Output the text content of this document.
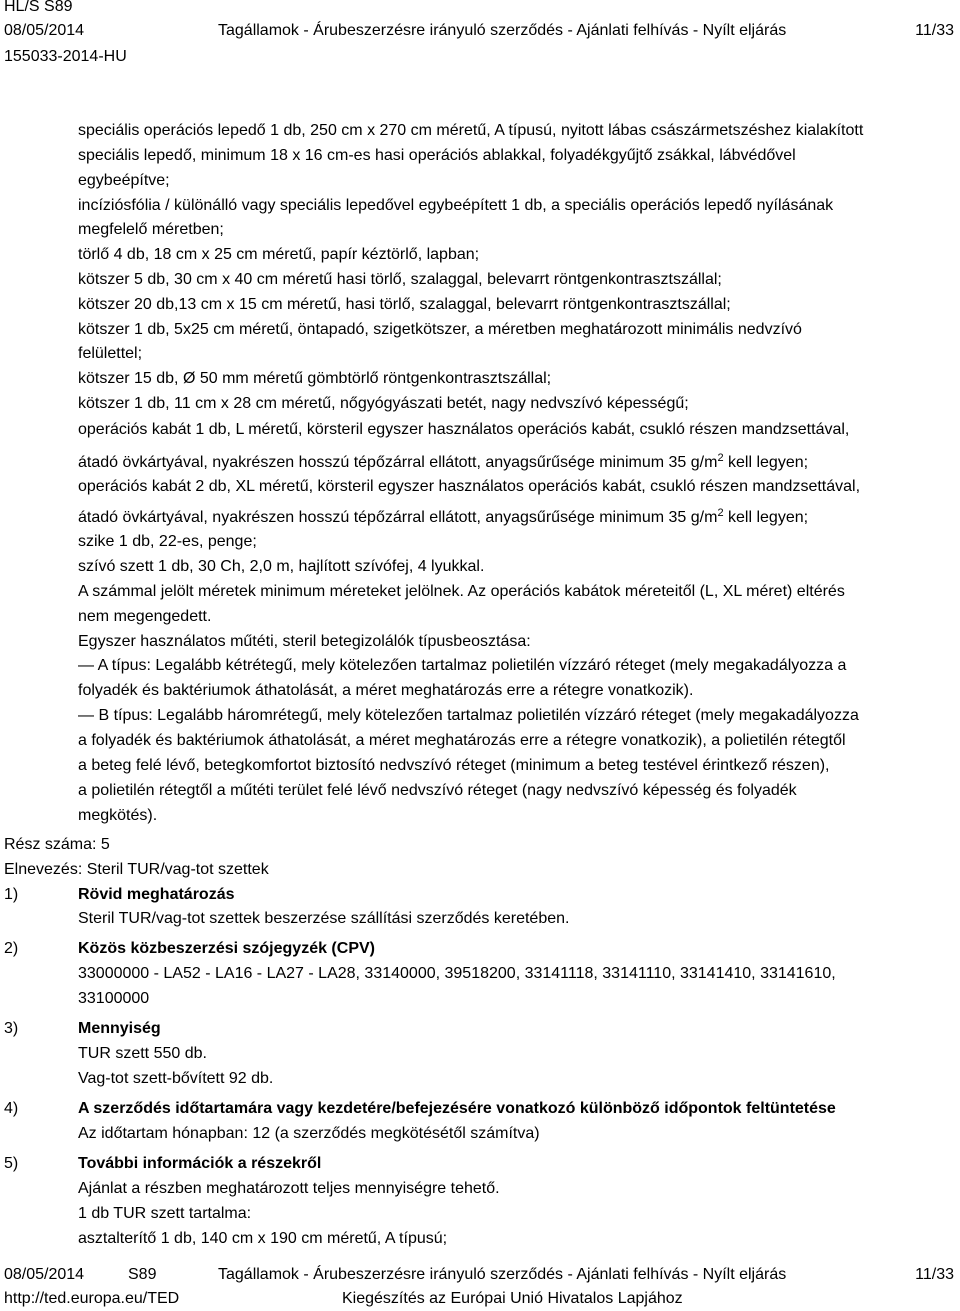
HL/S S89
08/05/2014	Tagállamok - Árubeszerzésre irányuló szerződés - Ajánlati felhívás - Nyílt eljárás	11/33
155033-2014-HU
speciális operációs lepedő 1 db, 250 cm x 270 cm méretű, A típusú, nyitott lábas császármetszéshez kialakított
speciális lepedő, minimum 18 x 16 cm-es hasi operációs ablakkal, folyadékgyűjtő zsákkal, lábvédővel
egybeépítve;
incíziósfólia / különálló vagy speciális lepedővel egybeépített 1 db, a speciális operációs lepedő nyílásának
megfelelő méretben;
törlő 4 db, 18 cm x 25 cm méretű, papír kéztörlő, lapban;
kötszer 5 db, 30 cm x 40 cm méretű hasi törlő, szalaggal, belevarrt röntgenkontrasztszállal;
kötszer 20 db,13 cm x 15 cm méretű, hasi törlő, szalaggal, belevarrt röntgenkontrasztszállal;
kötszer 1 db, 5x25 cm méretű, öntapadó, szigetkötszer, a méretben meghatározott minimális nedvzívó
felülettel;
kötszer 15 db, Ø 50 mm méretű gömbtörlő röntgenkontrasztszállal;
kötszer 1 db, 11 cm x 28 cm méretű, nőgyógyászati betét, nagy nedvszívó képességű;
operációs kabát 1 db, L méretű, körsteril egyszer használatos operációs kabát, csukló részen mandzsettával,
átadó övkártyával, nyakrészen hosszú tépőzárral ellátott, anyagsűrűsége minimum 35 $g/m^2$ kell legyen;
operációs kabát 2 db, XL méretű, körsteril egyszer használatos operációs kabát, csukló részen mandzsettával,
átadó övkártyával, nyakrészen hosszú tépőzárral ellátott, anyagsűrűsége minimum 35 $g/m^2$ kell legyen;
szike 1 db, 22-es, penge;
szívó szett 1 db, 30 Ch, 2,0 m, hajlított szívófej, 4 lyukkal.
A számmal jelölt méretek minimum méreteket jelölnek. Az operációs kabátok méreteitől (L, XL méret) eltérés
nem megengedett.
Egyszer használatos műtéti, steril betegizolálók típusbeosztása:
— A típus: Legalább kétrétegű, mely kötelezően tartalmaz polietilén vízzáró réteget (mely megakadályozza a
folyadék és baktériumok áthatolását, a méret meghatározás erre a rétegre vonatkozik).
— B típus: Legalább háromrétegű, mely kötelezően tartalmaz polietilén vízzáró réteget (mely megakadályozza
a folyadék és baktériumok áthatolását, a méret meghatározás erre a rétegre vonatkozik), a polietilén rétegtől
a beteg felé lévő, betegkomfortot biztosító nedvszívó réteget (minimum a beteg testével érintkező részen),
a polietilén rétegtől a műtéti terület felé lévő nedvszívó réteget (nagy nedvszívó képesség és folyadék
megkötés).
Rész száma: 5
Elnevezés: Steril TUR/vag-tot szettek
1)	Rövid meghatározás
Steril TUR/vag-tot szettek beszerzése szállítási szerződés keretében.
2)	Közös közbeszerzési szójegyzék (CPV)
33000000 - LA52 - LA16 - LA27 - LA28, 33140000, 39518200, 33141118, 33141110, 33141410, 33141610,
33100000
3)	Mennyiség
TUR szett 550 db.
Vag-tot szett-bővített 92 db.
4)	A szerződés időtartamára vagy kezdetére/befejezésére vonatkozó különböző időpontok feltüntetése
Az időtartam hónapban: 12 (a szerződés megkötésétől számítva)
5)	További információk a részekről
Ajánlat a részben meghatározott teljes mennyiségre tehető.
1 db TUR szett tartalma:
asztalterítő 1 db, 140 cm x 190 cm méretű, A típusú;
08/05/2014	S89	Tagállamok - Árubeszerzésre irányuló szerződés - Ajánlati felhívás - Nyílt eljárás	11/33
http://ted.europa.eu/TED	Kiegészítés az Európai Unió Hivatalos Lapjához
